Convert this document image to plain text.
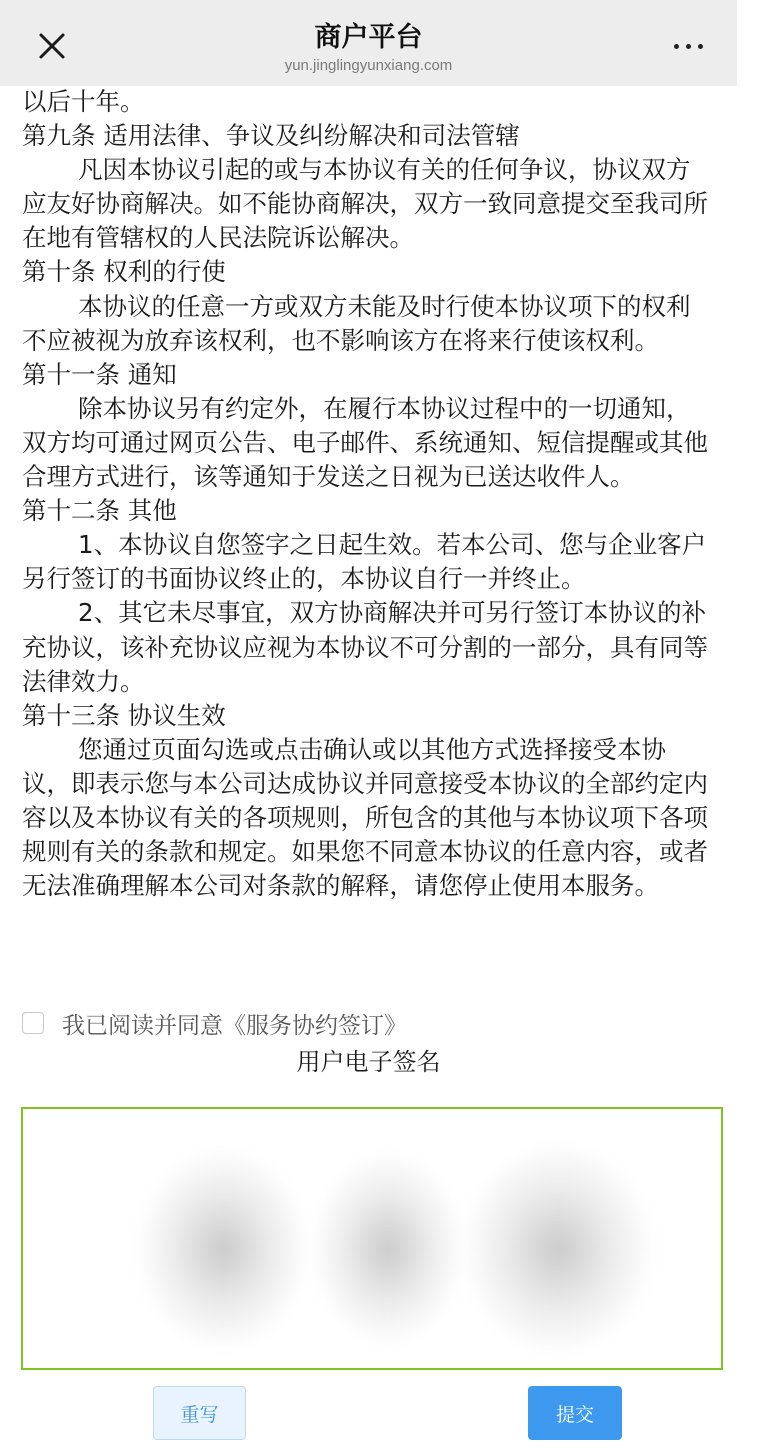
商户平台
yun.jinglingyunxiang.com

以后十年。

第九条 适用法律、争议及纠纷解决和司法管辖

凡因本协议引起的或与本协议有关的任何争议，协议双方应友好协商解决。如不能协商解决，双方一致同意提交至我司所在地有管辖权的人民法院诉讼解决。

第十条 权利的行使

本协议的任意一方或双方未能及时行使本协议项下的权利不应被视为放弃该权利，也不影响该方在将来行使该权利。

第十一条 通知

除本协议另有约定外，在履行本协议过程中的一切通知，双方均可通过网页公告、电子邮件、系统通知、短信提醒或其他合理方式进行，该等通知于发送之日视为已送达收件人。

第十二条 其他

1、本协议自您签字之日起生效。若本公司、您与企业客户另行签订的书面协议终止的，本协议自行一并终止。

2、其它未尽事宜，双方协商解决并可另行签订本协议的补充协议，该补充协议应视为本协议不可分割的一部分，具有同等法律效力。

第十三条 协议生效

您通过页面勾选或点击确认或以其他方式选择接受本协议，即表示您与本公司达成协议并同意接受本协议的全部约定内容以及本协议有关的各项规则，所包含的其他与本协议项下各项规则有关的条款和规定。如果您不同意本协议的任意内容，或者无法准确理解本公司对条款的解释，请您停止使用本服务。

我已阅读并同意《服务协约签订》
用户电子签名
重写	提交
